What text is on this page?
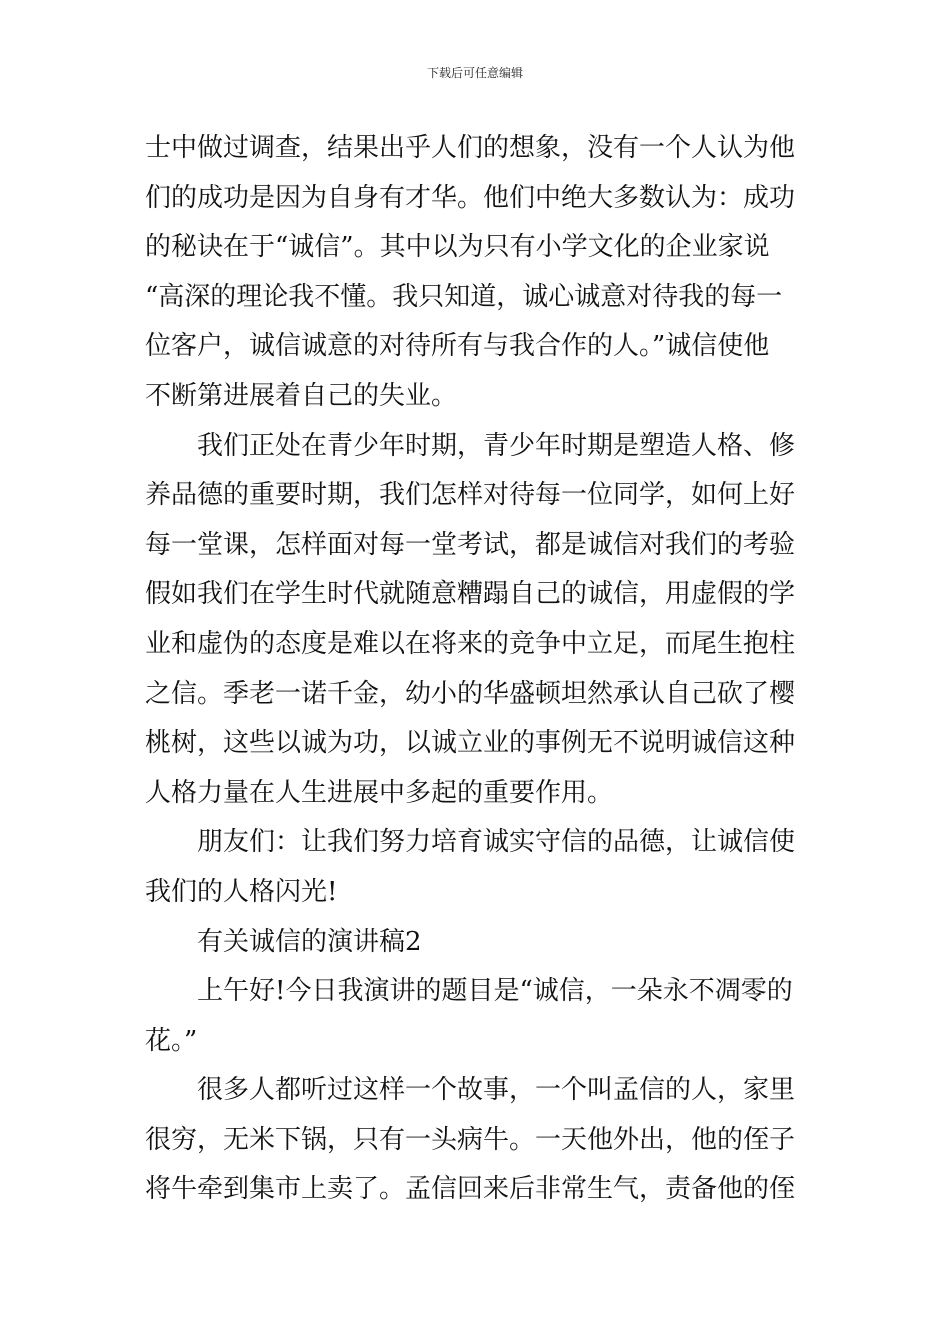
下载后可任意编辑
士中做过调查，结果出乎人们的想象，没有一个人认为他
们的成功是因为自身有才华。他们中绝大多数认为：成功
的秘诀在于“诚信”。其中以为只有小学文化的企业家说
“高深的理论我不懂。我只知道，诚心诚意对待我的每一
位客户，诚信诚意的对待所有与我合作的人。”诚信使他
不断第进展着自己的失业。
我们正处在青少年时期，青少年时期是塑造人格、修
养品德的重要时期，我们怎样对待每一位同学，如何上好
每一堂课，怎样面对每一堂考试，都是诚信对我们的考验
假如我们在学生时代就随意糟蹋自己的诚信，用虚假的学
业和虚伪的态度是难以在将来的竞争中立足，而尾生抱柱
之信。季老一诺千金，幼小的华盛顿坦然承认自己砍了樱
桃树，这些以诚为功，以诚立业的事例无不说明诚信这种
人格力量在人生进展中多起的重要作用。
朋友们：让我们努力培育诚实守信的品德，让诚信使
我们的人格闪光!
有关诚信的演讲稿2
上午好!今日我演讲的题目是“诚信，一朵永不凋零的
花。”
很多人都听过这样一个故事，一个叫孟信的人，家里
很穷，无米下锅，只有一头病牛。一天他外出，他的侄子
将牛牵到集市上卖了。孟信回来后非常生气，责备他的侄
